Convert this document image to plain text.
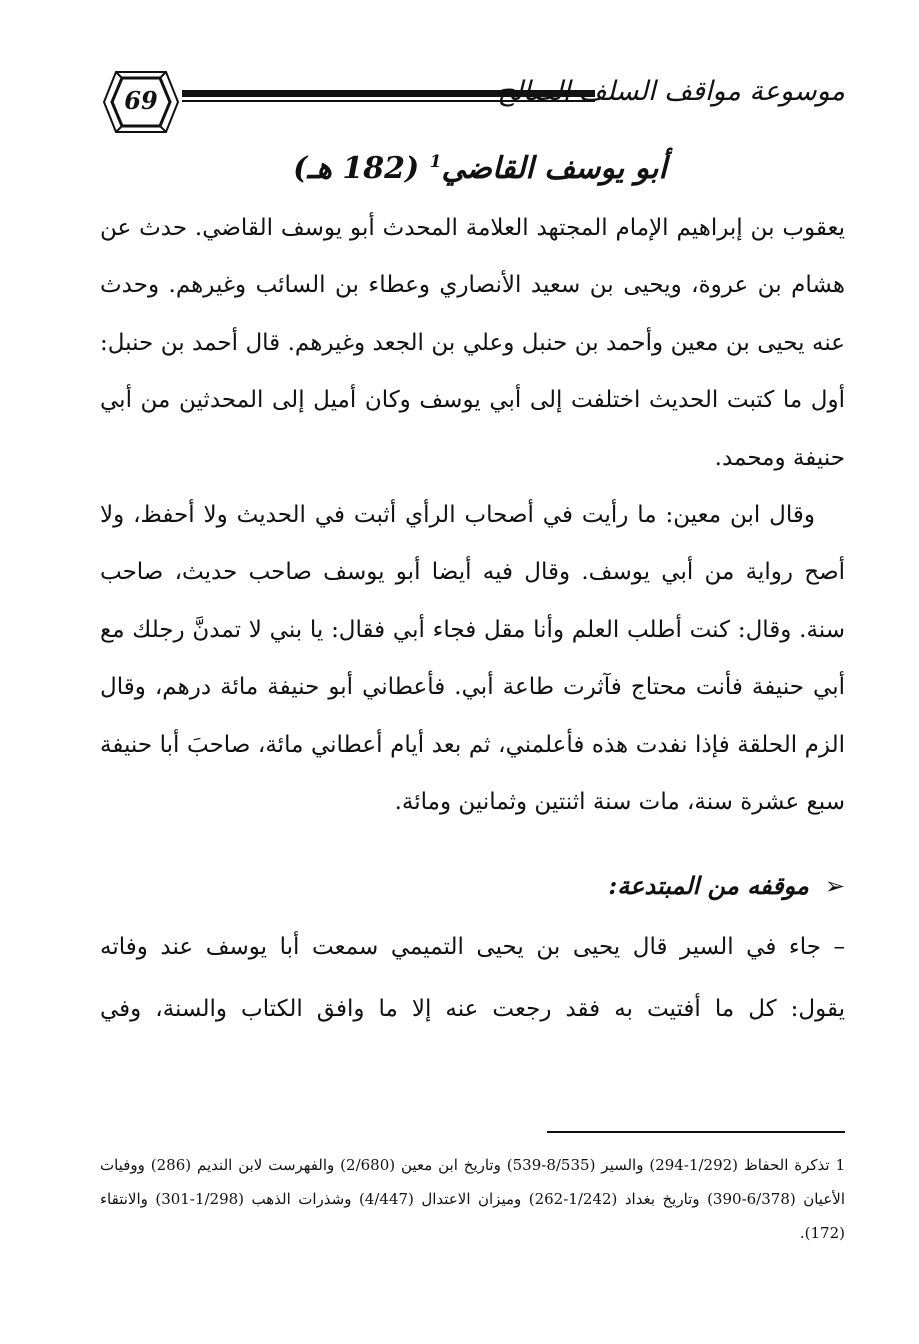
69	موسوعة مواقف السلف الصالح
أبو يوسف القاضي$^1$ (182 هـ)

يعقوب بن إبراهيم الإمام المجتهد العلامة المحدث أبو يوسف القاضي. حدث عن هشام بن عروة، ويحيى بن سعيد الأنصاري وعطاء بن السائب وغيرهم. وحدث عنه يحيى بن معين وأحمد بن حنبل وعلي بن الجعد وغيرهم. قال أحمد بن حنبل: أول ما كتبت الحديث اختلفت إلى أبي يوسف وكان أميل إلى المحدثين من أبي حنيفة ومحمد.

وقال ابن معين: ما رأيت في أصحاب الرأي أثبت في الحديث ولا أحفظ، ولا أصح رواية من أبي يوسف. وقال فيه أيضا أبو يوسف صاحب حديث، صاحب سنة. وقال: كنت أطلب العلم وأنا مقل فجاء أبي فقال: يا بني لا تمدنَّ رجلك مع أبي حنيفة فأنت محتاج فآثرت طاعة أبي. فأعطاني أبو حنيفة مائة درهم، وقال الزم الحلقة فإذا نفدت هذه فأعلمني، ثم بعد أيام أعطاني مائة، صاحبَ أبا حنيفة سبع عشرة سنة، مات سنة اثنتين وثمانين ومائة.

➢موقفه من المبتدعة:

– جاء في السير قال يحيى بن يحيى التميمي سمعت أبا يوسف عند وفاته

يقول: كل ما أفتيت به فقد رجعت عنه إلا ما وافق الكتاب والسنة، وفي

1 تذكرة الحفاظ (1/292-294) والسير (8/535-539) وتاريخ ابن معين (2/680) والفهرست لابن النديم (286) ووفيات الأعيان (6/378-390) وتاريخ بغداد (1/242-262) وميزان الاعتدال (4/447) وشذرات الذهب (1/298-301) والانتقاء (172).
